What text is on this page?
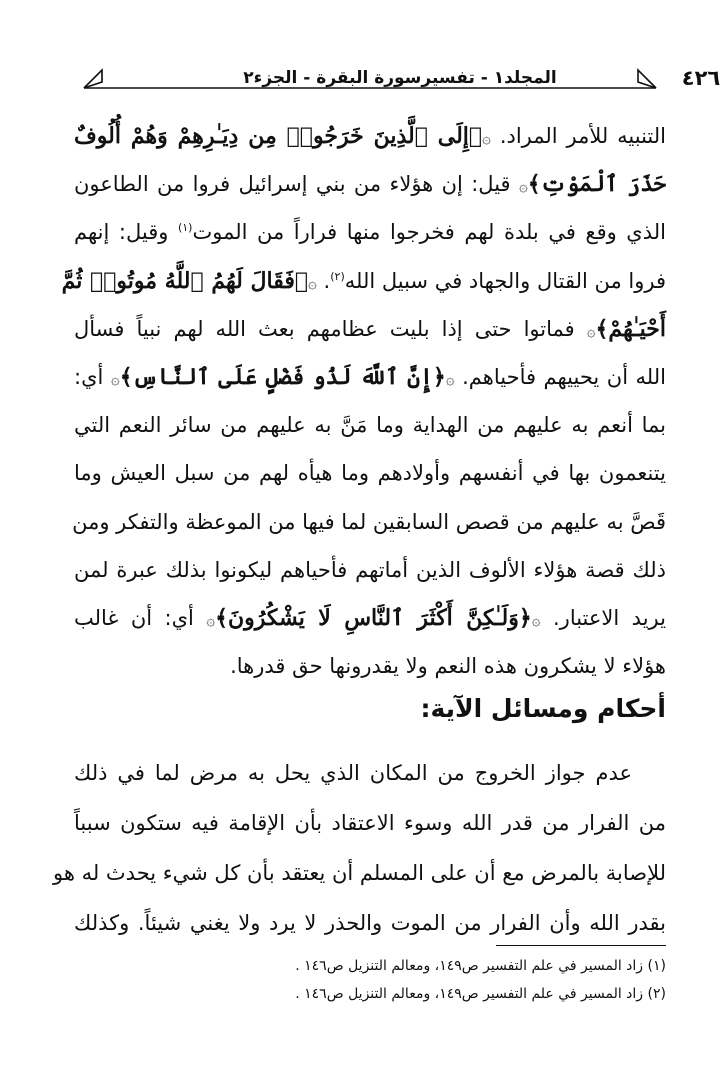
٤٢٦
المجلد١ - تفسيرسورة البقرة - الجزء٢
التنبيه للأمر المراد. ۞﴿إِلَى ٱلَّذِينَ خَرَجُوا۟ مِن دِيَـٰرِهِمْ وَهُمْ أُلُوفٌ
حَذَرَ ٱلْمَوْتِ﴾۞ قيل: إن هؤلاء من بني إسرائيل فروا من الطاعون
الذي وقع في بلدة لهم فخرجوا منها فراراً من الموت$^{(١)}$ وقيل: إنهم
فروا من القتال والجهاد في سبيل الله$^{(٢)}$. ۞﴿فَقَالَ لَهُمُ ٱللَّهُ مُوتُوا۟ ثُمَّ
أَحْيَـٰهُمْ﴾۞ فماتوا حتى إذا بليت عظامهم بعث الله لهم نبياً فسأل
الله أن يحييهم فأحياهم. ۞﴿إِنَّ ٱللَّهَ لَذُو فَضْلٍ عَلَى ٱلنَّاسِ﴾۞ أي:
بما أنعم به عليهم من الهداية وما مَنَّ به عليهم من سائر النعم التي
يتنعمون بها في أنفسهم وأولادهم وما هيأه لهم من سبل العيش وما
قَصَّ به عليهم من قصص السابقين لما فيها من الموعظة والتفكر ومن
ذلك قصة هؤلاء الألوف الذين أماتهم فأحياهم ليكونوا بذلك عبرة لمن
يريد الاعتبار. ۞﴿وَلَـٰكِنَّ أَكْثَرَ ٱلنَّاسِ لَا يَشْكُرُونَ﴾۞ أي: أن غالب
هؤلاء لا يشكرون هذه النعم ولا يقدرونها حق قدرها.
أحكام ومسائل الآية:
عدم جواز الخروج من المكان الذي يحل به مرض لما في ذلك
من الفرار من قدر الله وسوء الاعتقاد بأن الإقامة فيه ستكون سبباً
للإصابة بالمرض مع أن على المسلم أن يعتقد بأن كل شيء يحدث له هو
بقدر الله وأن الفرار من الموت والحذر لا يرد ولا يغني شيئاً. وكذلك
(١) زاد المسير في علم التفسير ص١٤٩، ومعالم التنزيل ص١٤٦ .
(٢) زاد المسير في علم التفسير ص١٤٩، ومعالم التنزيل ص١٤٦ .
